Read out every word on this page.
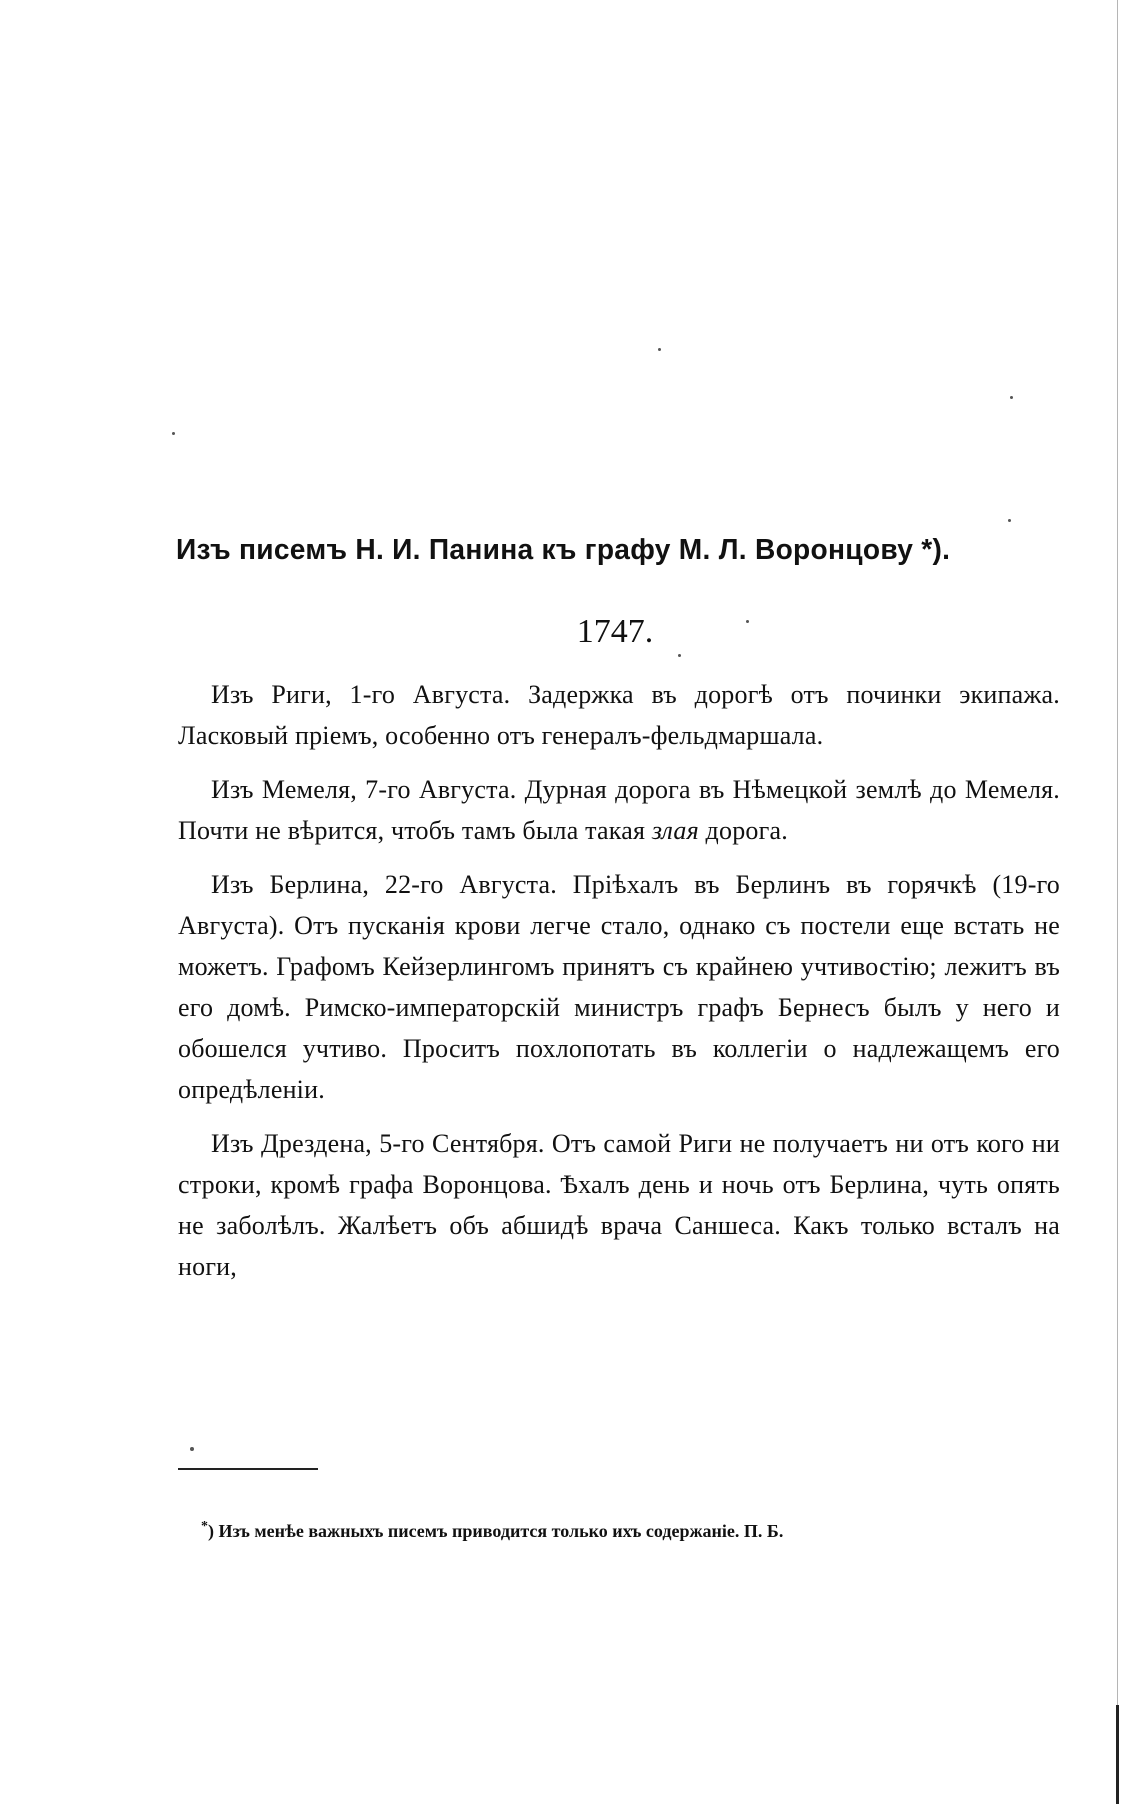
Изъ писемъ Н. И. Панина къ графу М. Л. Воронцову *).
1747.

Изъ Риги, 1-го Августа. Задержка въ дорогѣ отъ починки экипажа. Ласковый пріемъ, особенно отъ генералъ-фельдмаршала.

Изъ Мемеля, 7-го Августа. Дурная дорога въ Нѣмецкой землѣ до Мемеля. Почти не вѣрится, чтобъ тамъ была такая злая дорога.

Изъ Берлина, 22-го Августа. Пріѣхалъ въ Берлинъ въ горячкѣ (19-го Августа). Отъ пусканія крови легче стало, однако съ постели еще встать не можетъ. Графомъ Кейзерлингомъ принятъ съ крайнею учтивостію; лежитъ въ его домѣ. Римско-императорскій министръ графъ Бернесъ былъ у него и обошелся учтиво. Проситъ похлопотать въ коллегіи о надлежащемъ его опредѣленіи.

Изъ Дрездена, 5-го Сентября. Отъ самой Риги не получаетъ ни отъ кого ни строки, кромѣ графа Воронцова. Ѣхалъ день и ночь отъ Берлина, чуть опять не заболѣлъ. Жалѣетъ объ абшидѣ врача Саншеса. Какъ только всталъ на ноги,

*) Изъ менѣе важныхъ писемъ приводится только ихъ содержаніе. П. Б.
